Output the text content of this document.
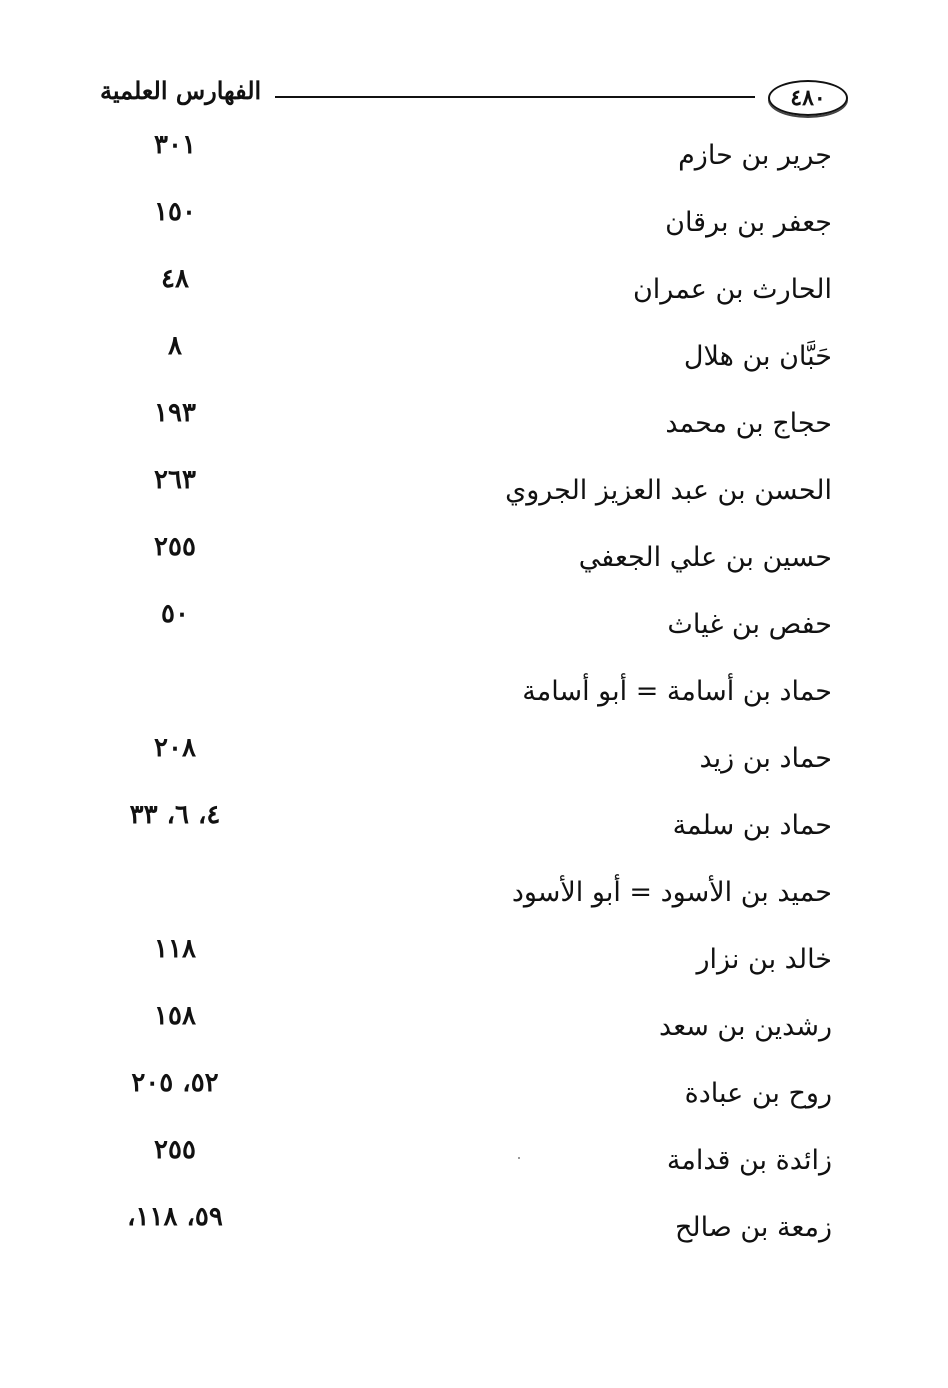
الفهارس العلمية	٤٨٠
جرير بن حازم
٣٠١
جعفر بن برقان
١٥٠
الحارث بن عمران
٤٨
حَبَّان بن هلال
٨
حجاج بن محمد
١٩٣
الحسن بن عبد العزيز الجروي
٢٦٣
حسين بن علي الجعفي
٢٥٥
حفص بن غياث
٥٠
حماد بن أسامة = أبو أسامة
حماد بن زيد
٢٠٨
حماد بن سلمة
٤، ٦، ٣٣
حميد بن الأسود = أبو الأسود
خالد بن نزار
١١٨
رشدين بن سعد
١٥٨
روح بن عبادة
٥٢، ٢٠٥
زائدة بن قدامة
٢٥٥
زمعة بن صالح
٥٩، ١١٨،
